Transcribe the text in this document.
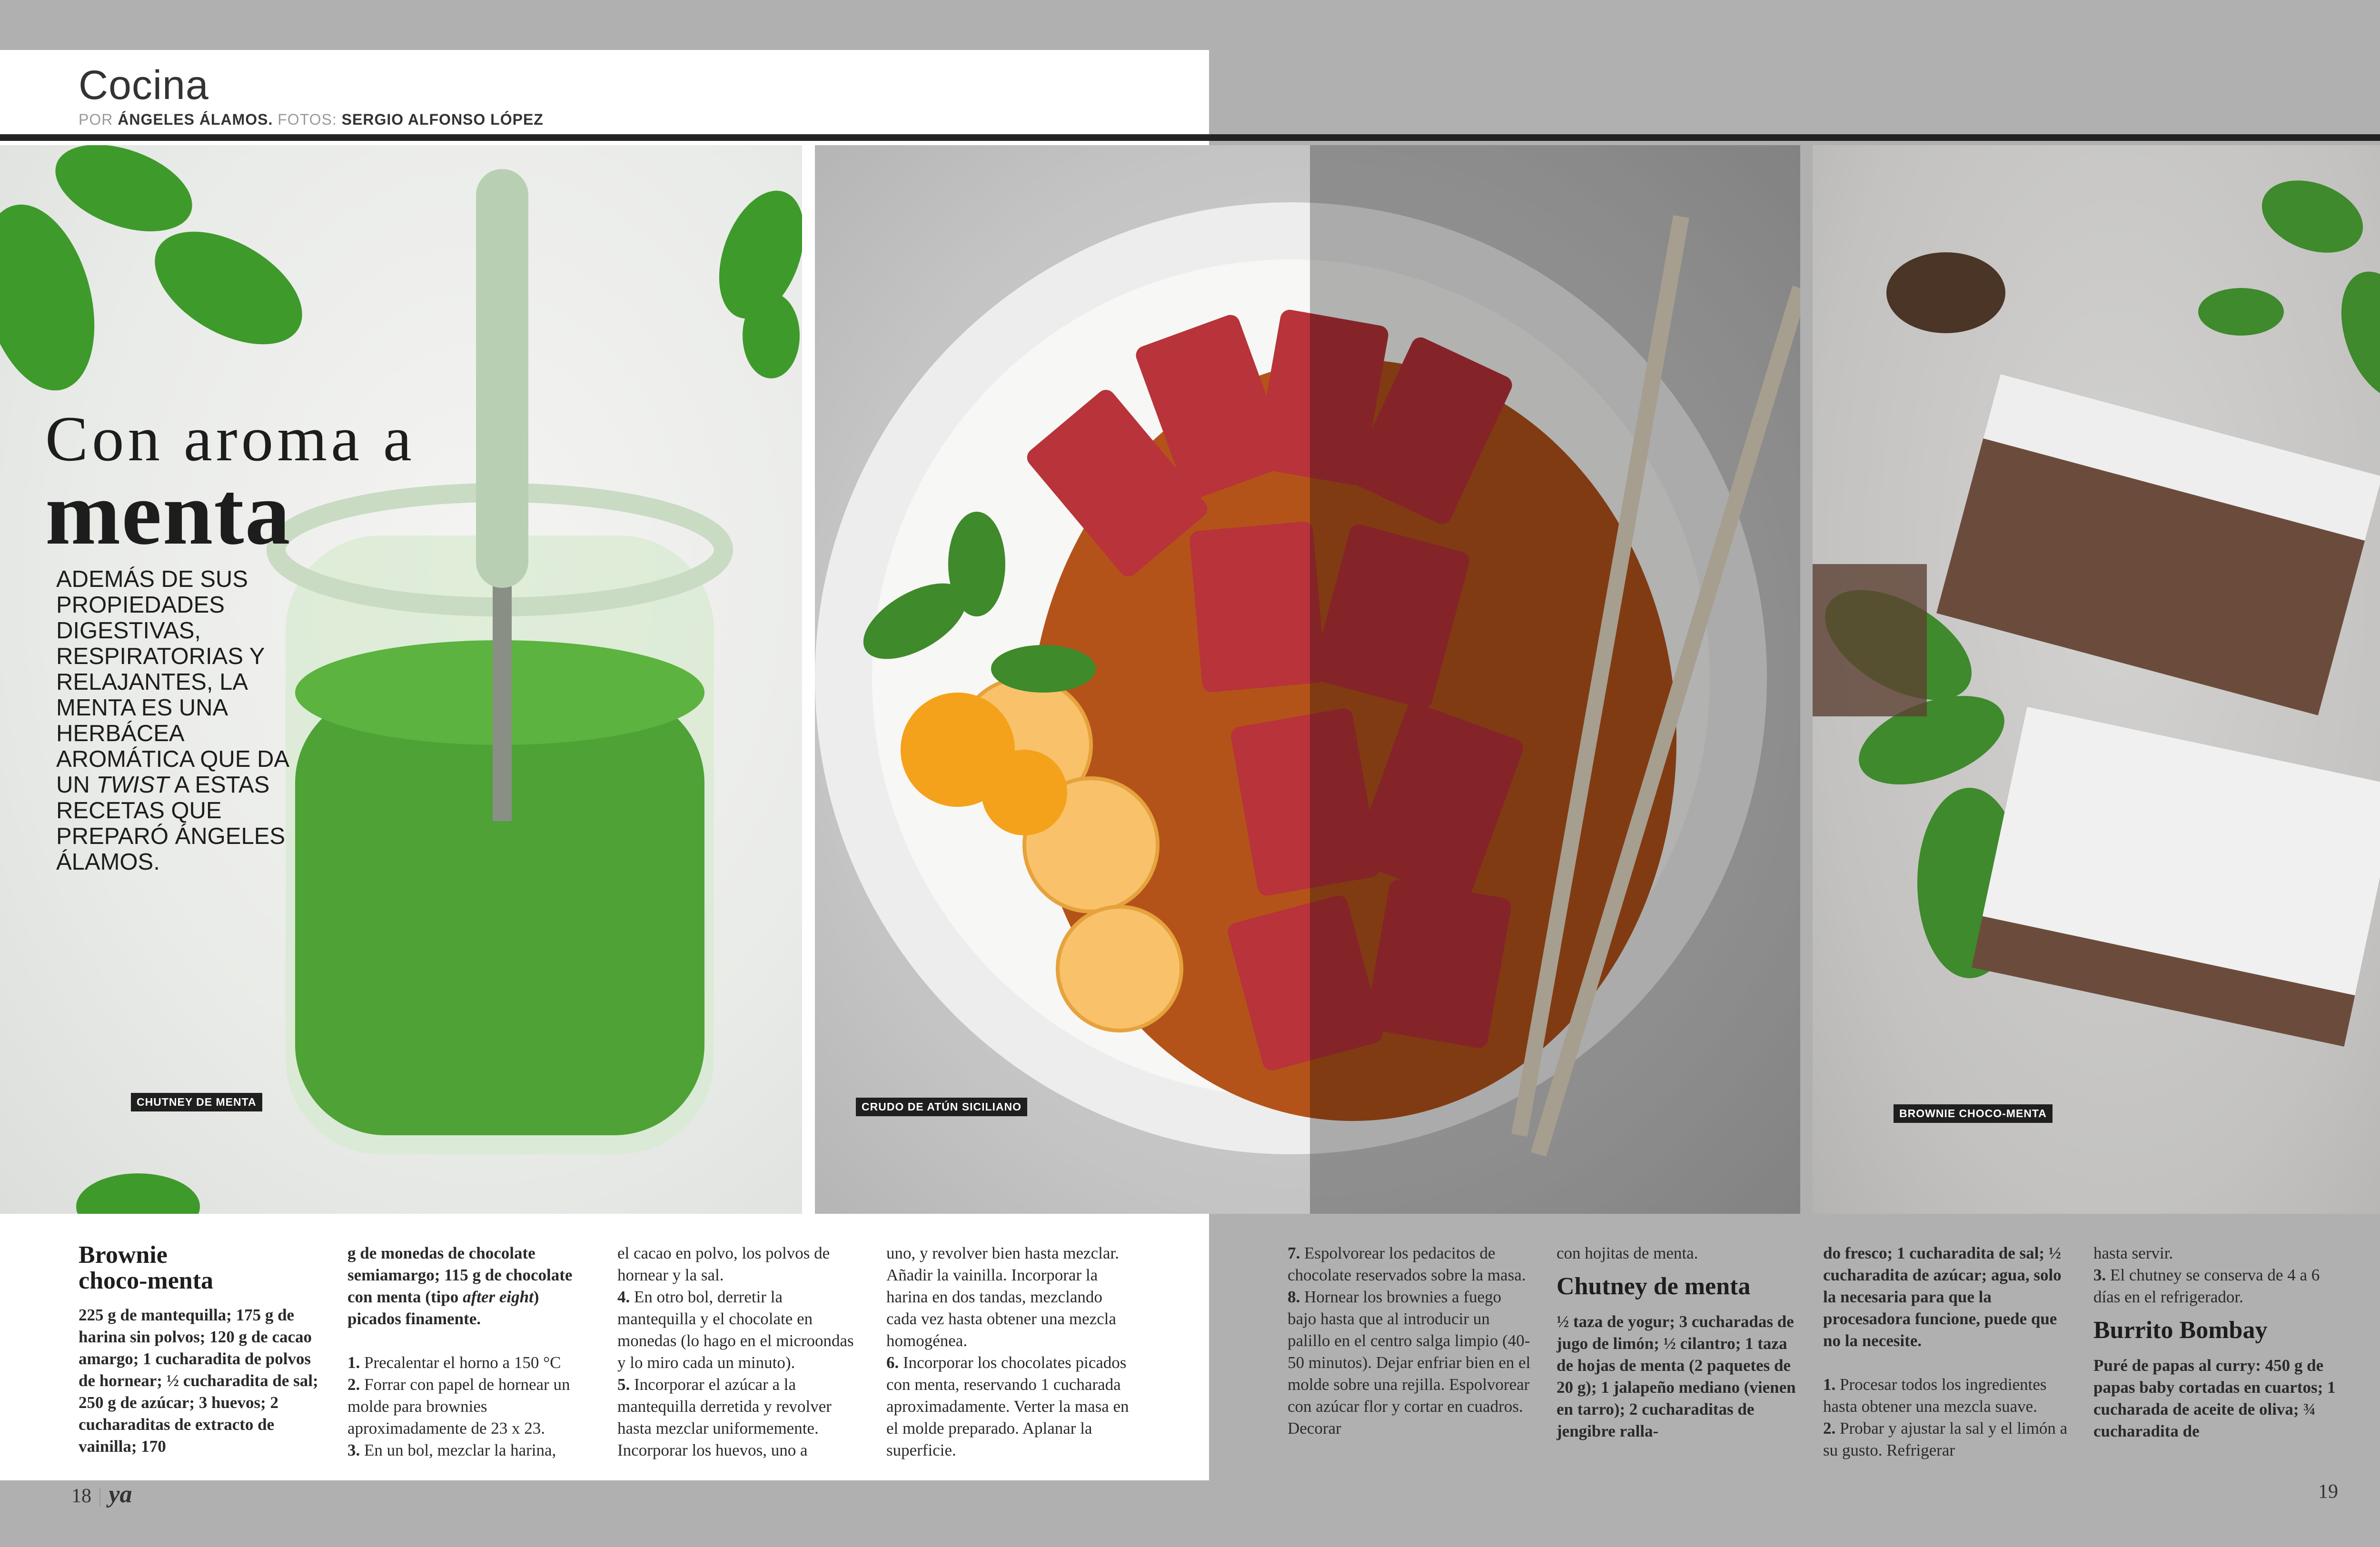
Cocina
POR ÁNGELES ÁLAMOS. FOTOS: SERGIO ALFONSO LÓPEZ
Con aroma a
menta
ADEMÁS DE SUS PROPIEDADES DIGESTIVAS, RESPIRATORIAS Y RELAJANTES, LA MENTA ES UNA HERBÁCEA AROMÁTICA QUE DA UN TWIST A ESTAS RECETAS QUE PREPARÓ ÁNGELES ÁLAMOS.
CHUTNEY DE MENTA	CRUDO DE ATÚN SICILIANO
BROWNIE CHOCO-MENTA
Brownie
choco-menta

225 g de mantequilla; 175 g de harina sin polvos; 120 g de cacao amargo; 1 cucharadita de polvos de hornear; ½ cucharadita de sal; 250 g de azúcar; 3 huevos; 2 cucharaditas de extracto de vainilla; 170

g de monedas de chocolate semiamargo; 115 g de chocolate con menta (tipo after eight) picados finamente.

1. Precalentar el horno a 150 °C

2. Forrar con papel de hornear un molde para brownies aproximadamente de 23 x 23.

3. En un bol, mezclar la harina,

el cacao en polvo, los polvos de hornear y la sal.

4. En otro bol, derretir la mantequilla y el chocolate en monedas (lo hago en el microondas y lo miro cada un minuto).

5. Incorporar el azúcar a la mantequilla derretida y revolver hasta mezclar uniformemente. Incorporar los huevos, uno a

uno, y revolver bien hasta mezclar. Añadir la vainilla. Incorporar la harina en dos tandas, mezclando cada vez hasta obtener una mezcla homogénea.

6. Incorporar los chocolates picados con menta, reservando 1 cucharada aproximadamente. Verter la masa en el molde preparado. Aplanar la superficie.

7. Espolvorear los pedacitos de chocolate reservados sobre la masa.

8. Hornear los brownies a fuego bajo hasta que al introducir un palillo en el centro salga limpio (40-50 minutos). Dejar enfriar bien en el molde sobre una rejilla. Espolvorear con azúcar flor y cortar en cuadros. Decorar

con hojitas de menta.

Chutney de menta

½ taza de yogur; 3 cucharadas de jugo de limón; ½ cilantro; 1 taza de hojas de menta (2 paquetes de 20 g); 1 jalapeño mediano (vienen en tarro); 2 cucharaditas de jengibre ralla-

do fresco; 1 cucharadita de sal; ½ cucharadita de azúcar; agua, solo la necesaria para que la procesadora funcione, puede que no la necesite.

1. Procesar todos los ingredientes hasta obtener una mezcla suave.

2. Probar y ajustar la sal y el limón a su gusto. Refrigerar

hasta servir.

3. El chutney se conserva de 4 a 6 días en el refrigerador.

Burrito Bombay

Puré de papas al curry: 450 g de papas baby cortadas en cuartos; 1 cucharada de aceite de oliva; ¾ cucharadita de

18 | ya	19
